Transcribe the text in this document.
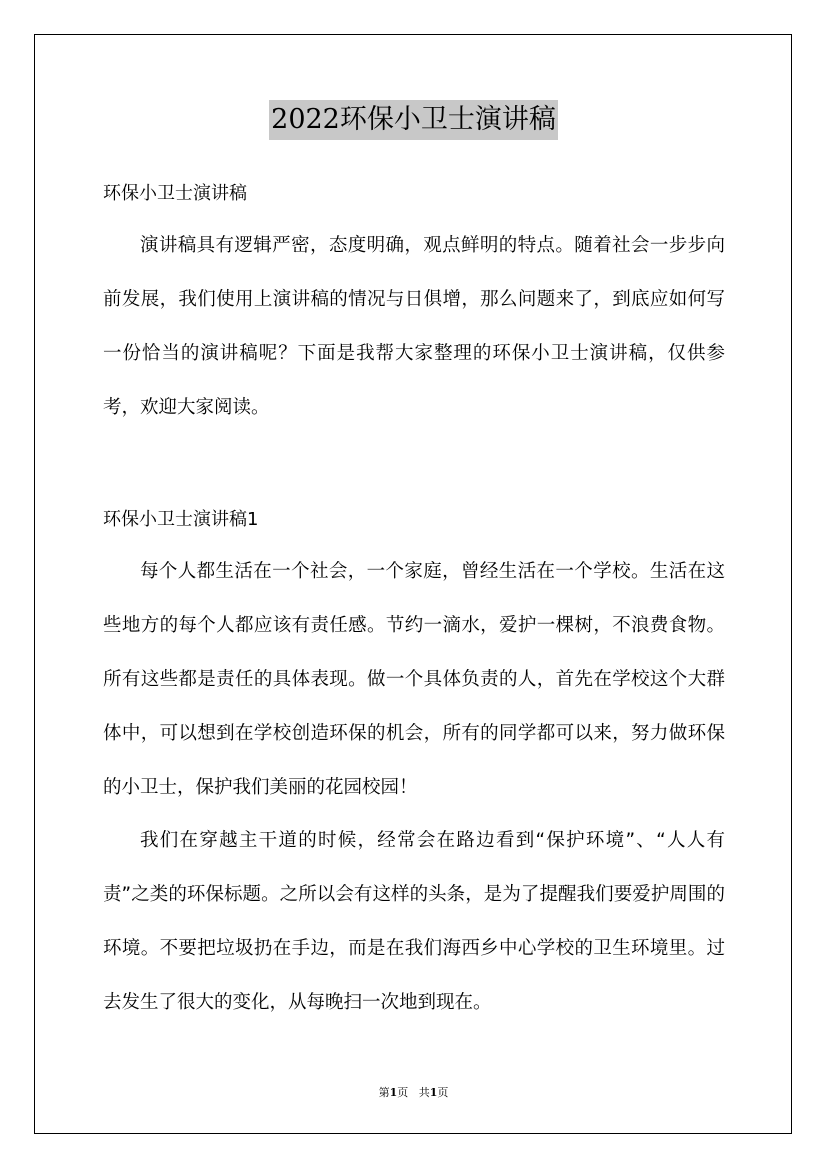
2022环保小卫士演讲稿
环保小卫士演讲稿

演讲稿具有逻辑严密，态度明确，观点鲜明的特点。随着社会一步步向前发展，我们使用上演讲稿的情况与日俱增，那么问题来了，到底应如何写一份恰当的演讲稿呢？下面是我帮大家整理的环保小卫士演讲稿，仅供参考，欢迎大家阅读。

环保小卫士演讲稿1

每个人都生活在一个社会，一个家庭，曾经生活在一个学校。生活在这些地方的每个人都应该有责任感。节约一滴水，爱护一棵树，不浪费食物。所有这些都是责任的具体表现。做一个具体负责的人，首先在学校这个大群体中，可以想到在学校创造环保的机会，所有的同学都可以来，努力做环保的小卫士，保护我们美丽的花园校园！

我们在穿越主干道的时候，经常会在路边看到“保护环境”、“人人有责”之类的环保标题。之所以会有这样的头条，是为了提醒我们要爱护周围的环境。不要把垃圾扔在手边，而是在我们海西乡中心学校的卫生环境里。过去发生了很大的变化，从每晚扫一次地到现在。

第1页 共1页
